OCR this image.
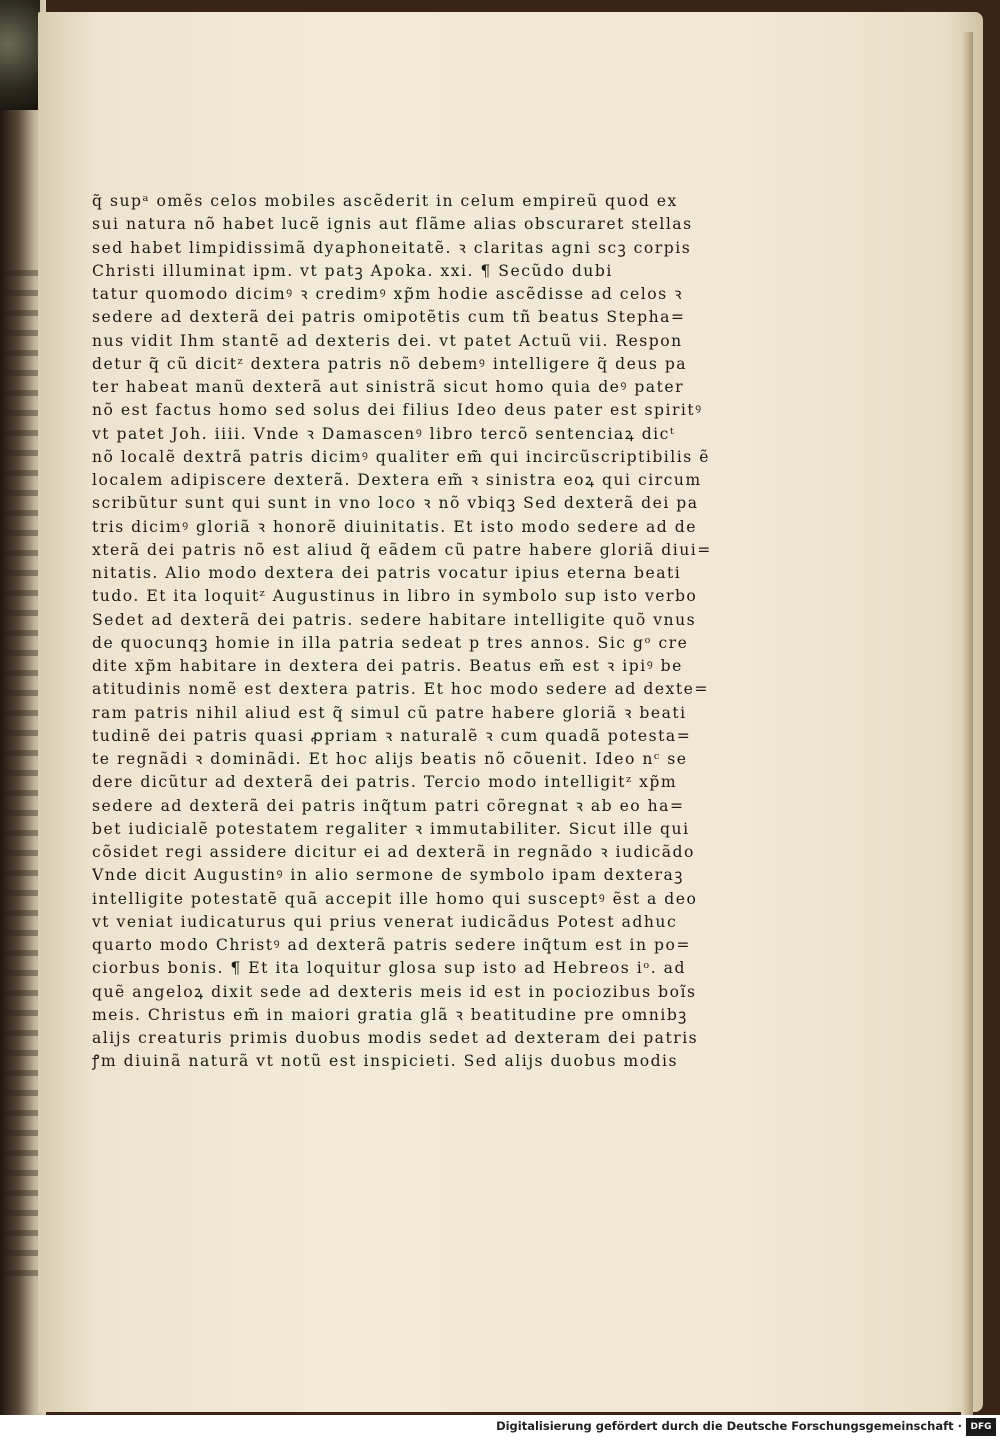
q̃ supᵃ omẽs celos mobiles ascẽderit in celum empireũ quod ex
sui natura nõ habet lucẽ ignis aut flãme alias obscuraret stellas
sed habet limpidissimã dyaphoneitatẽ. ꝛ claritas agni scꝫ corpis
Christi illuminat ipm. vt patꝫ Apoka. xxi. ¶ Secũdo dubi
tatur quomodo dicimꝰ ꝛ credimꝰ xp̃m hodie ascẽdisse ad celos ꝛ
sedere ad dexterã dei patris omipotẽtis cum tñ beatus Stepha=
nus vidit Ihm stantẽ ad dexteris dei. vt patet Actuũ vii. Respon
detur q̃ cũ dicitᶻ dextera patris nõ debemꝰ intelligere q̃ deus pa
ter habeat manũ dexterã aut sinistrã sicut homo quia deꝰ pater
nõ est factus homo sed solus dei filius Ideo deus pater est spiritꝰ
vt patet Joh. iiii. Vnde ꝛ Damascenꝰ libro tercõ sentenciaꝝ dicᵗ
nõ localẽ dextrã patris dicimꝰ qualiter em̃ qui incircũscriptibilis ẽ
localem adipiscere dexterã. Dextera em̃ ꝛ sinistra eoꝝ qui circum
scribũtur sunt qui sunt in vno loco ꝛ nõ vbiqꝫ Sed dexterã dei pa
tris dicimꝰ gloriã ꝛ honorẽ diuinitatis. Et isto modo sedere ad de
xterã dei patris nõ est aliud q̃ eãdem cũ patre habere gloriã diui=
nitatis. Alio modo dextera dei patris vocatur ipius eterna beati
tudo. Et ita loquitᶻ Augustinus in libro in symbolo sup isto verbo
Sedet ad dexterã dei patris. sedere habitare intelligite quõ vnus
de quocunqꝫ homie in illa patria sedeat p tres annos. Sic gᵒ cre
dite xp̃m habitare in dextera dei patris. Beatus em̃ est ꝛ ipiꝰ be
atitudinis nomẽ est dextera patris. Et hoc modo sedere ad dexte=
ram patris nihil aliud est q̃ simul cũ patre habere gloriã ꝛ beati
tudinẽ dei patris quasi ꝓpriam ꝛ naturalẽ ꝛ cum quadã potesta=
te regnãdi ꝛ dominãdi. Et hoc alijs beatis nõ cõuenit. Ideo nᶜ se
dere dicũtur ad dexterã dei patris. Tercio modo intelligitᶻ xp̃m
sedere ad dexterã dei patris inq̃tum patri cõregnat ꝛ ab eo ha=
bet iudicialẽ potestatem regaliter ꝛ immutabiliter. Sicut ille qui
cõsidet regi assidere dicitur ei ad dexterã in regnãdo ꝛ iudicãdo
Vnde dicit Augustinꝰ in alio sermone de symbolo ipam dexteraꝫ
intelligite potestatẽ quã accepit ille homo qui susceptꝰ ẽst a deo
vt veniat iudicaturus qui prius venerat iudicãdus Potest adhuc
quarto modo Christꝰ ad dexterã patris sedere inq̃tum est in po=
ciorbus bonis. ¶ Et ita loquitur glosa sup isto ad Hebreos iᵒ. ad
quẽ angeloꝝ dixit sede ad dexteris meis id est in pociozibus boĩs
meis. Christus em̃ in maiori gratia glã ꝛ beatitudine pre omnibꝫ
alijs creaturis primis duobus modis sedet ad dexteram dei patris
ꝭm diuinã naturã vt notũ est inspicieti. Sed alijs duobus modis
Digitalisierung gefördert durch die Deutsche Forschungsgemeinschaft · DFG
